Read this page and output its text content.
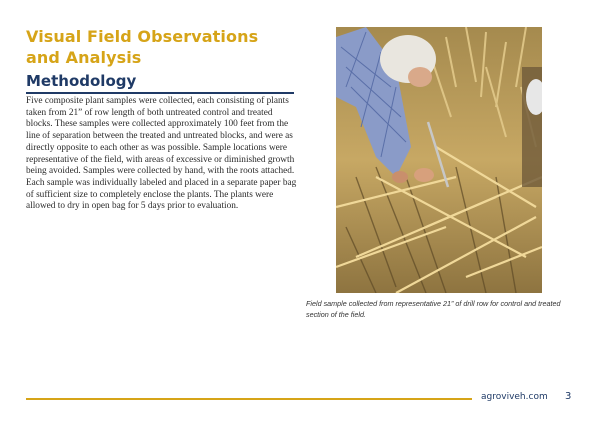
Visual Field Observations and Analysis
Methodology

Five composite plant samples were collected, each consisting of plants taken from 21” of row length of both untreated control and treated blocks. These samples were collected approximately 100 feet from the line of separation between the treated and untreated blocks, and were as directly opposite to each other as was possible. Sample locations were representative of the field, with areas of excessive or diminished growth being avoided. Samples were collected by hand, with the roots attached. Each sample was individually labeled and placed in a separate paper bag of sufficient size to completely enclose the plants. The plants were allowed to dry in open bag for 5 days prior to evaluation.

Field sample collected from representative 21” of drill row for control and treated section of the field.

agroviveh.com 3
